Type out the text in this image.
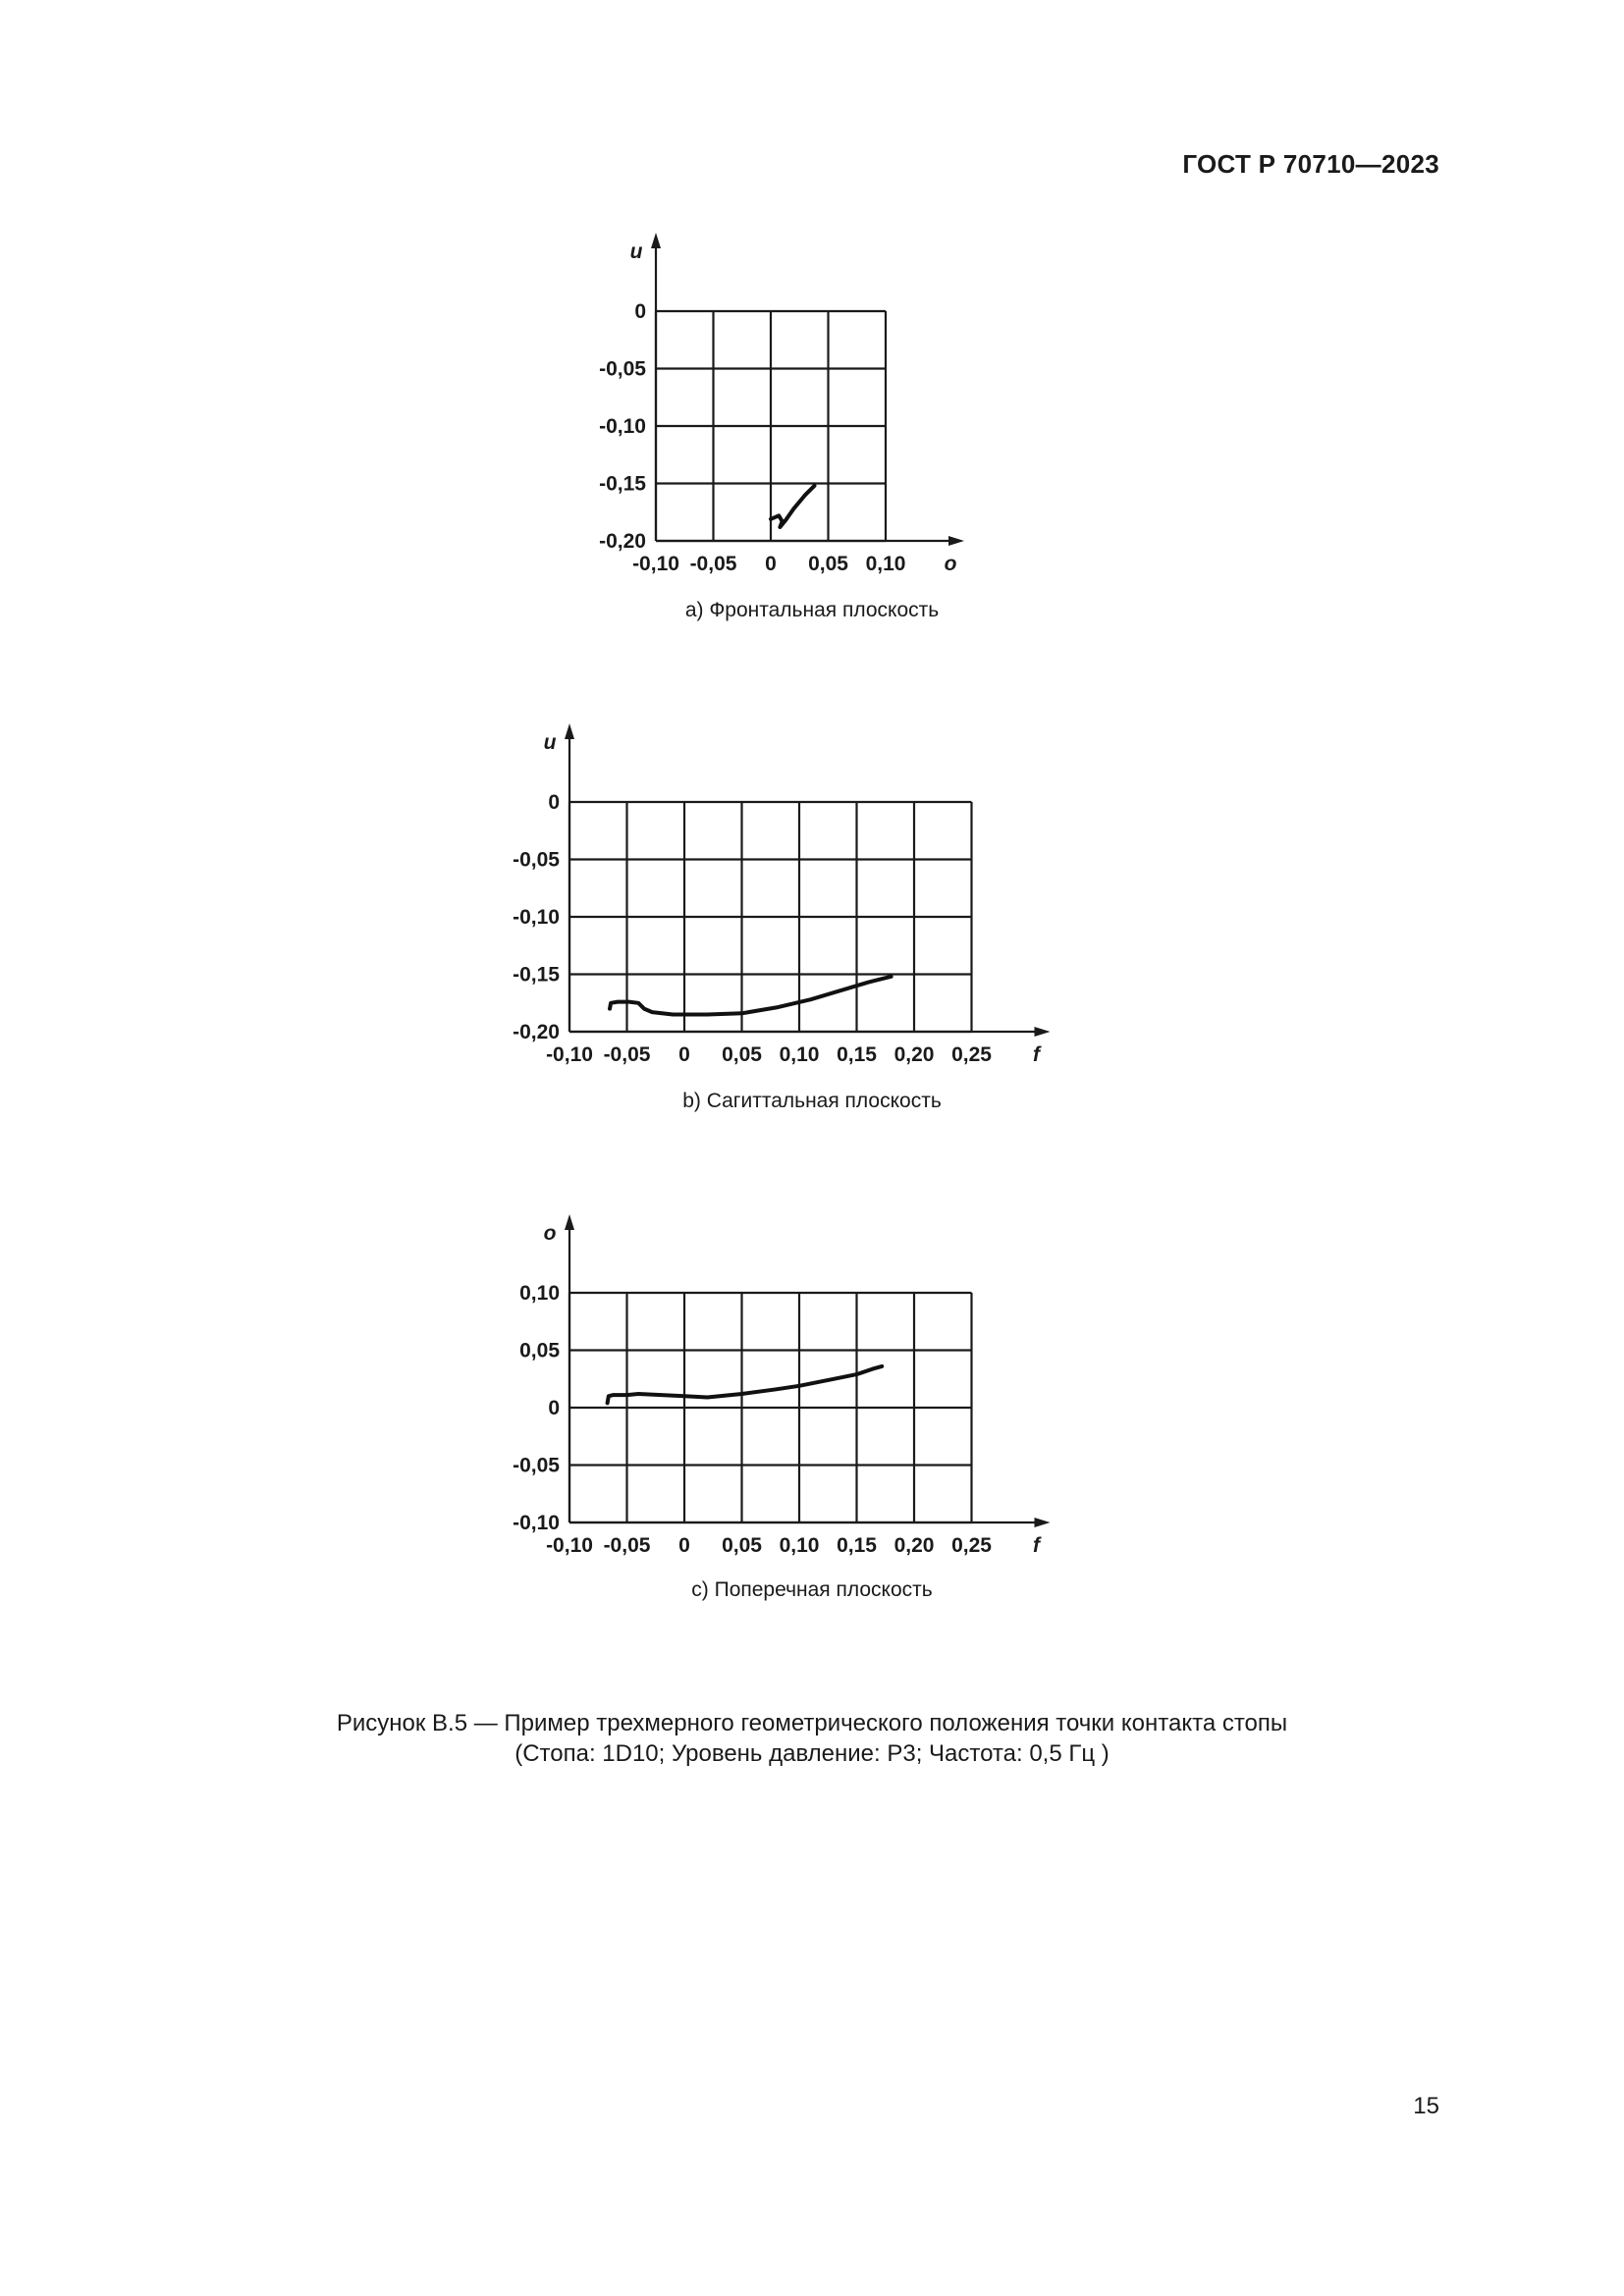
ГОСТ Р 70710—2023
0
-0,05
-0,10
-0,15
-0,20
-0,10 -0,05 0 0,05 0,10 o
u
0
-0,05
-0,10
-0,15
-0,20
-0,10 -0,05 0 0,05 0,10 0,15 0,20 0,25 f
u
0,10
0,05
0
-0,05
-0,10
-0,10 -0,05 0 0,05 0,10 0,15 0,20 0,25 f
o
a) Фронтальная плоскость
b) Сагиттальная плоскость
c) Поперечная плоскость
Рисунок В.5 — Пример трехмерного геометрического положения точки контакта стопы
(Стопа: 1D10; Уровень давление: Р3; Частота: 0,5 Гц )
15
